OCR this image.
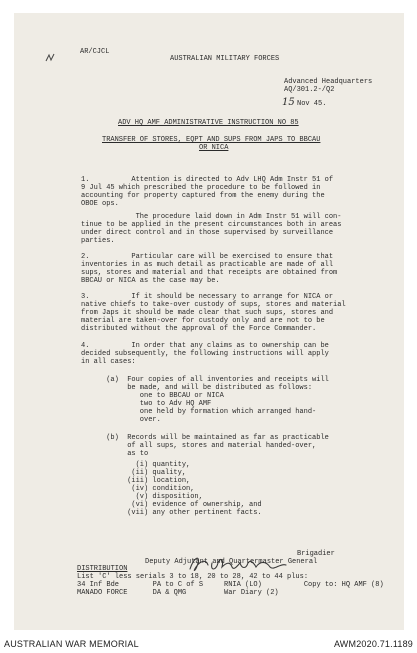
AR/CJCL
AUSTRALIAN MILITARY FORCES
Advanced Headquarters
AQ/301.2-/Q2
15 Nov 45.
ADV HQ AMF ADMINISTRATIVE INSTRUCTION NO 85
TRANSFER OF STORES, EQPT AND SUPS FROM JAPS TO BBCAU
OR NICA
1.          Attention is directed to Adv LHQ Adm Instr 51 of
9 Jul 45 which prescribed the procedure to be followed in
accounting for property captured from the enemy during the
OBOE ops.
The procedure laid down in Adm Instr 51 will con-
tinue to be applied in the present circumstances both in areas
under direct control and in those supervised by surveillance
parties.
2.          Particular care will be exercised to ensure that
inventories in as much detail as practicable are made of all
sups, stores and material and that receipts are obtained from
BBCAU or NICA as the case may be.
3.          If it should be necessary to arrange for NICA or
native chiefs to take-over custody of sups, stores and material
from Japs it should be made clear that such sups, stores and
material are taken-over for custody only and are not to be
distributed without the approval of the Force Commander.
4.          In order that any claims as to ownership can be
decided subsequently, the following instructions will apply
in all cases:
(a)  Four copies of all inventories and receipts will
be made, and will be distributed as follows:
one to BBCAU or NICA
two to Adv HQ AMF
one held by formation which arranged hand-
over.
(b)  Records will be maintained as far as practicable
of all sups, stores and material handed-over,
as to
(i) quantity,
(ii) quality,
(iii) location,
(iv) condition,
(v) disposition,
(vi) evidence of ownership, and
(vii) any other pertinent facts.
Brigadier
Deputy Adjutant and Quartermaster General
DISTRIBUTION
List 'C' less serials 3 to 18, 20 to 28, 42 to 44 plus:
34 Inf Bde        PA to C of S     RNIA (LO)          Copy to: HQ AMF (8)
MANADO FORCE      DA & QMG         War Diary (2)
AUSTRALIAN WAR MEMORIAL	AWM2020.71.1189
